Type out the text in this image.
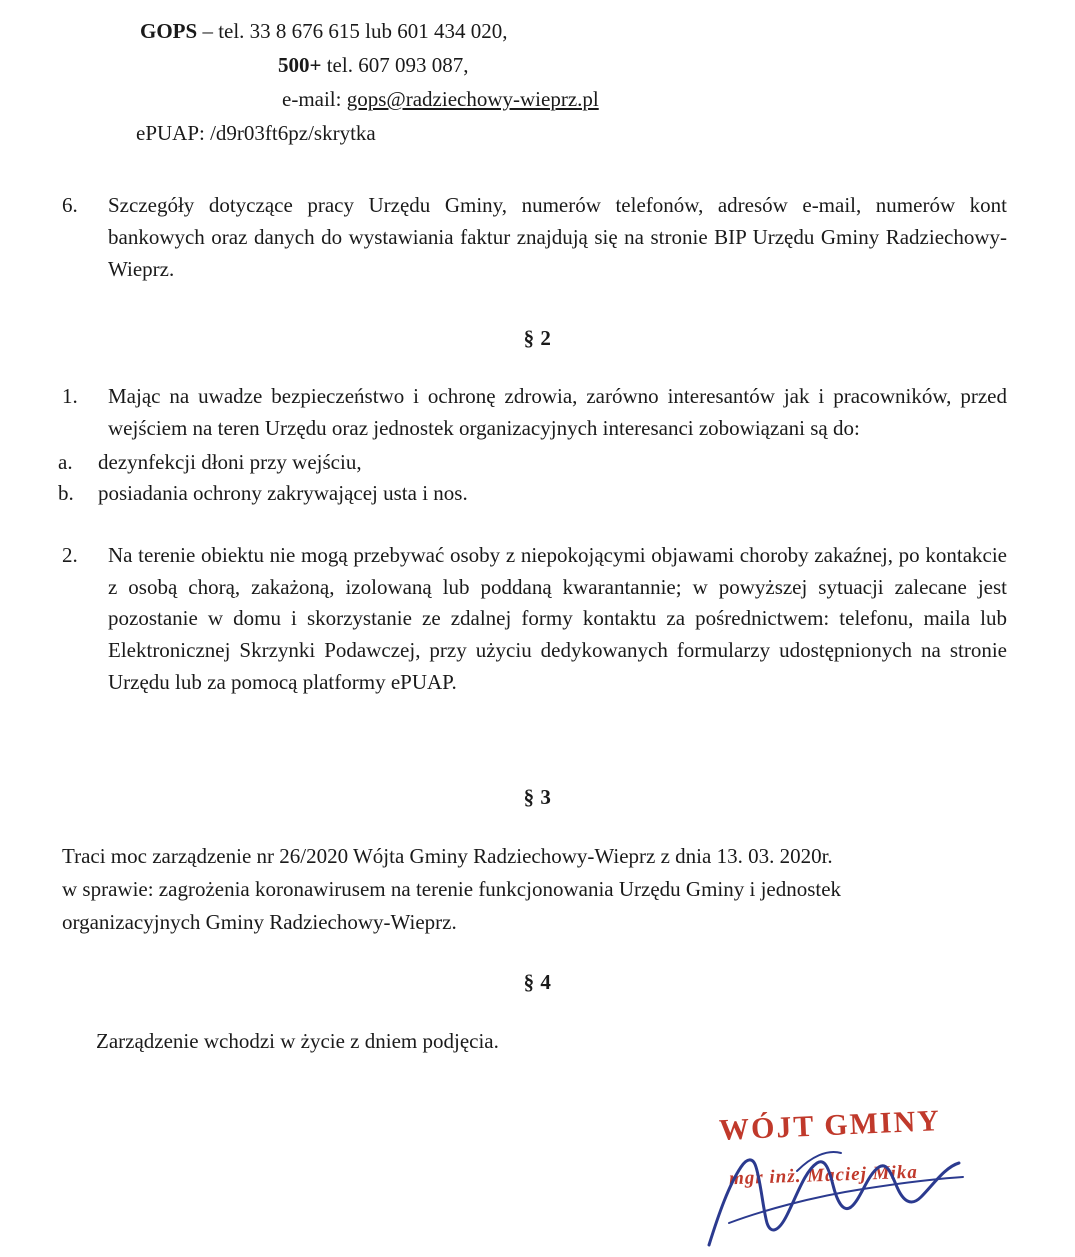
GOPS – tel. 33 8 676 615 lub 601 434 020,
500+ tel. 607 093 087,
e-mail: gops@radziechowy-wieprz.pl
ePUAP: /d9r03ft6pz/skrytka
6.	Szczegóły dotyczące pracy Urzędu Gminy, numerów telefonów, adresów e-mail, numerów kont bankowych oraz danych do wystawiania faktur znajdują się na stronie BIP Urzędu Gminy Radziechowy-Wieprz.
§ 2
1.	Mając na uwadze bezpieczeństwo i ochronę zdrowia, zarówno interesantów jak i pracowników, przed wejściem na teren Urzędu oraz jednostek organizacyjnych interesanci zobowiązani są do:
a.	dezynfekcji dłoni przy wejściu,
b.	posiadania ochrony zakrywającej usta i nos.
2.	Na terenie obiektu nie mogą przebywać osoby z niepokojącymi objawami choroby zakaźnej, po kontakcie z osobą chorą, zakażoną, izolowaną lub poddaną kwarantannie; w powyższej sytuacji zalecane jest pozostanie w domu i skorzystanie ze zdalnej formy kontaktu za pośrednictwem: telefonu, maila lub Elektronicznej Skrzynki Podawczej, przy użyciu dedykowanych formularzy udostępnionych na stronie Urzędu lub za pomocą platformy ePUAP.
§ 3
Traci moc zarządzenie nr 26/2020 Wójta Gminy Radziechowy-Wieprz z dnia 13. 03. 2020r.
w sprawie: zagrożenia koronawirusem na terenie funkcjonowania Urzędu Gminy i jednostek
organizacyjnych Gminy Radziechowy-Wieprz.
§ 4
Zarządzenie wchodzi w życie z dniem podjęcia.
WÓJT GMINY
mgr inż. Maciej Mika
